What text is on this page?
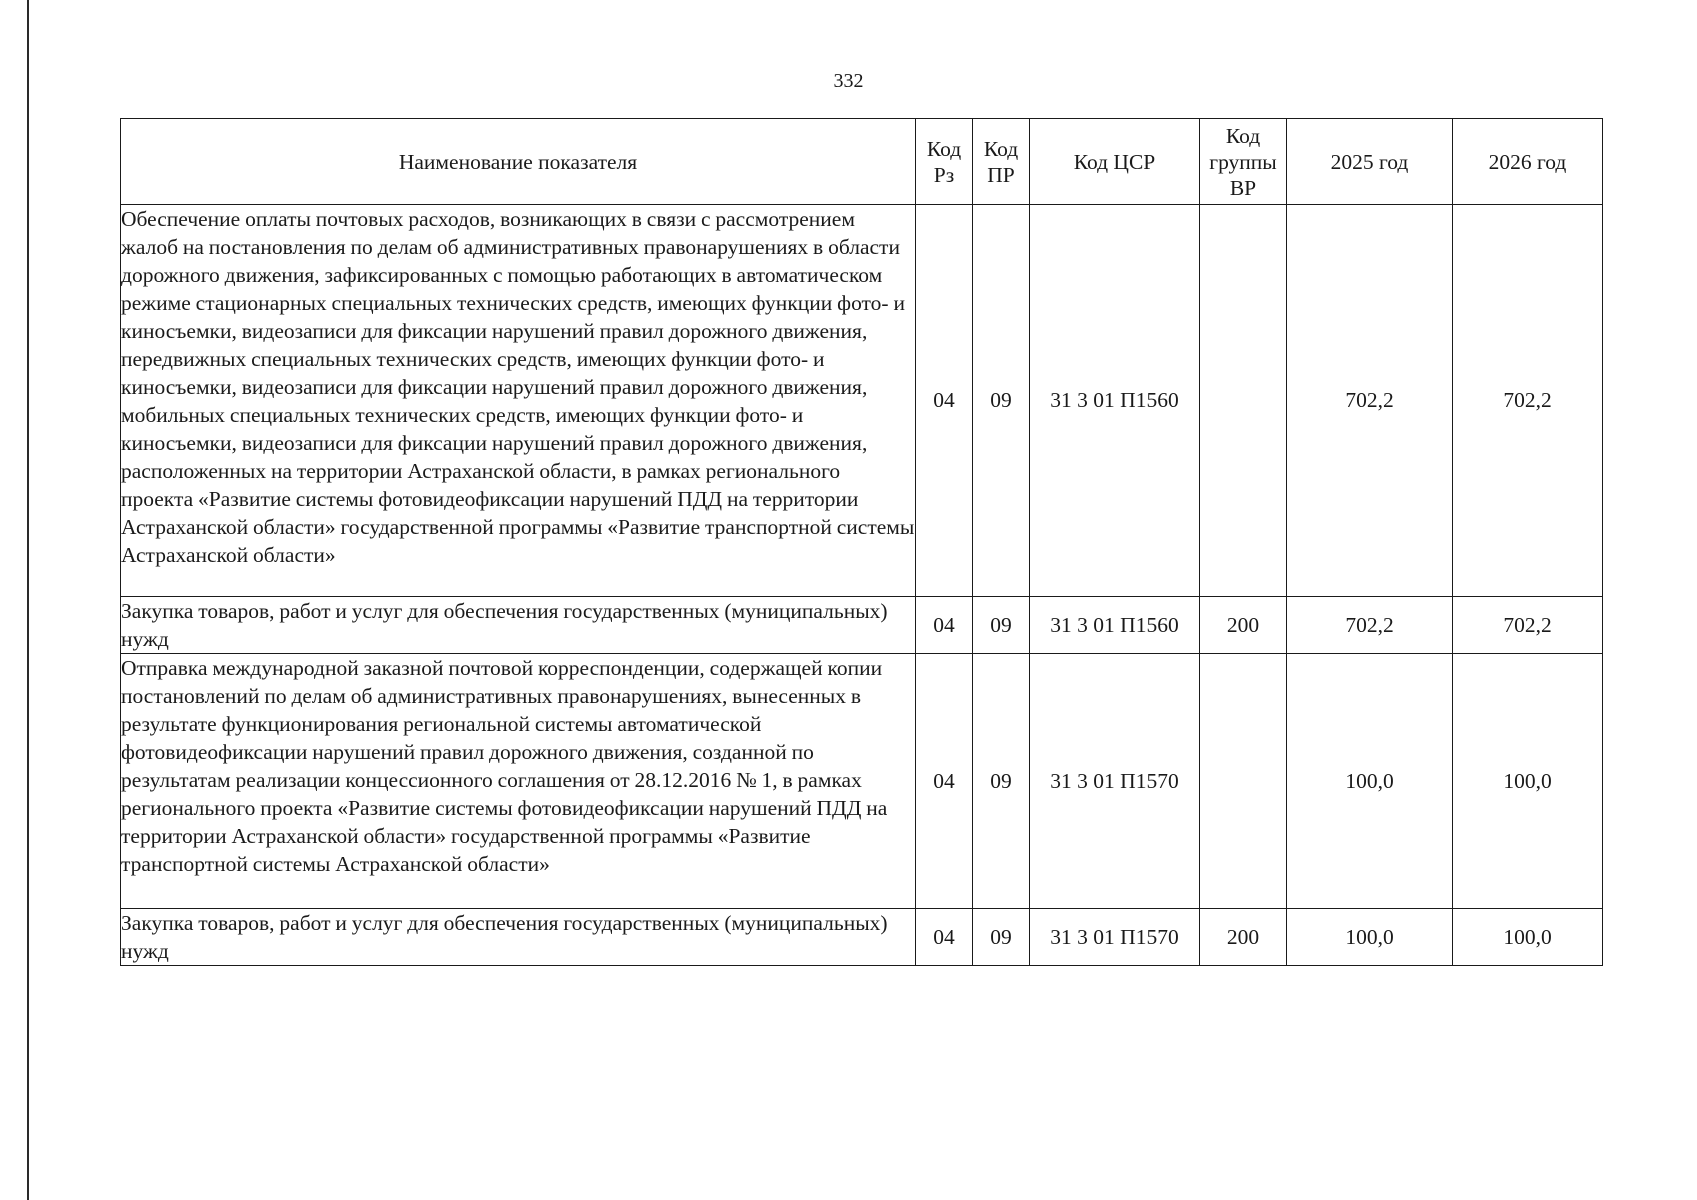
332
Наименование показателя	Код Рз	Код ПР	Код ЦСР	Код группы ВР	2025 год	2026 год
Обеспечение оплаты почтовых расходов, возникающих в связи с рассмотрением жалоб на постановления по делам об административных правонарушениях в области дорожного движения, зафиксированных с помощью работающих в автоматическом режиме стационарных специальных технических средств, имеющих функции фото- и киносъемки, видеозаписи для фиксации нарушений правил дорожного движения, передвижных специальных технических средств, имеющих функции фото- и киносъемки, видеозаписи для фиксации нарушений правил дорожного движения, мобильных специальных технических средств, имеющих функции фото- и киносъемки, видеозаписи для фиксации нарушений правил дорожного движения, расположенных на территории Астраханской области, в рамках регионального проекта «Развитие системы фотовидеофиксации нарушений ПДД на территории Астраханской области» государственной программы «Развитие транспортной системы Астраханской области»	04	09	31 3 01 П1560		702,2	702,2
Закупка товаров, работ и услуг для обеспечения государственных (муниципальных) нужд	04	09	31 3 01 П1560	200	702,2	702,2
Отправка международной заказной почтовой корреспонденции, содержащей копии постановлений по делам об административных правонарушениях, вынесенных в результате функционирования региональной системы автоматической фотовидеофиксации нарушений правил дорожного движения, созданной по результатам реализации концессионного соглашения от 28.12.2016 № 1, в рамках регионального проекта «Развитие системы фотовидеофиксации нарушений ПДД на территории Астраханской области» государственной программы «Развитие транспортной системы Астраханской области»	04	09	31 3 01 П1570		100,0	100,0
Закупка товаров, работ и услуг для обеспечения государственных (муниципальных) нужд	04	09	31 3 01 П1570	200	100,0	100,0
